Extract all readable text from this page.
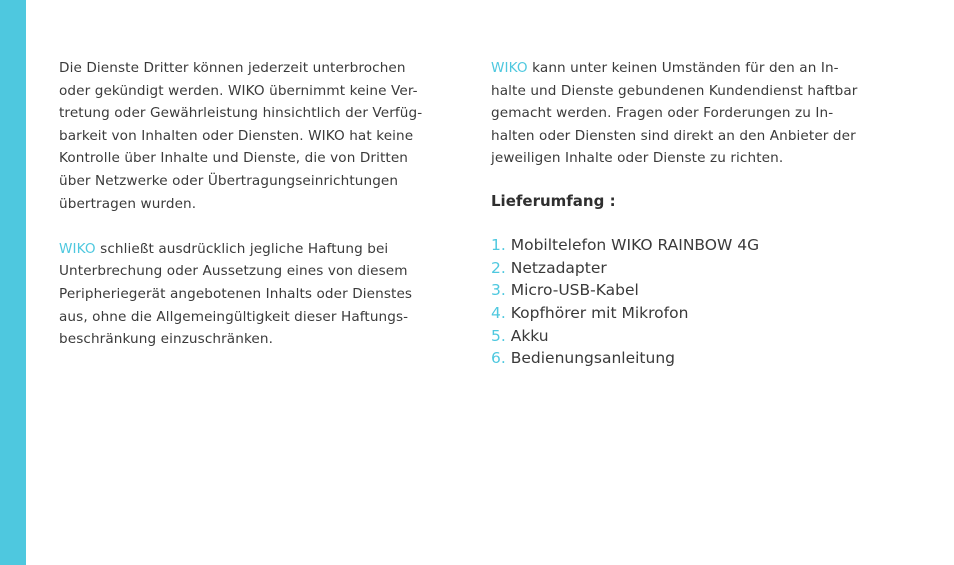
Die Dienste Dritter können jederzeit unterbrochen
oder gekündigt werden. WIKO übernimmt keine Ver-
tretung oder Gewährleistung hinsichtlich der Verfüg-
barkeit von Inhalten oder Diensten. WIKO hat keine
Kontrolle über Inhalte und Dienste, die von Dritten
über Netzwerke oder Übertragungseinrichtungen
übertragen wurden.

WIKO schließt ausdrücklich jegliche Haftung bei
Unterbrechung oder Aussetzung eines von diesem
Peripheriegerät angebotenen Inhalts oder Dienstes
aus, ohne die Allgemeingültigkeit dieser Haftungs-
beschränkung einzuschränken.

WIKO kann unter keinen Umständen für den an In-
halte und Dienste gebundenen Kundendienst haftbar
gemacht werden. Fragen oder Forderungen zu In-
halten oder Diensten sind direkt an den Anbieter der
jeweiligen Inhalte oder Dienste zu richten.

Lieferumfang :
1. Mobiltelefon WIKO RAINBOW 4G
2. Netzadapter
3. Micro-USB-Kabel
4. Kopfhörer mit Mikrofon
5. Akku
6. Bedienungsanleitung
